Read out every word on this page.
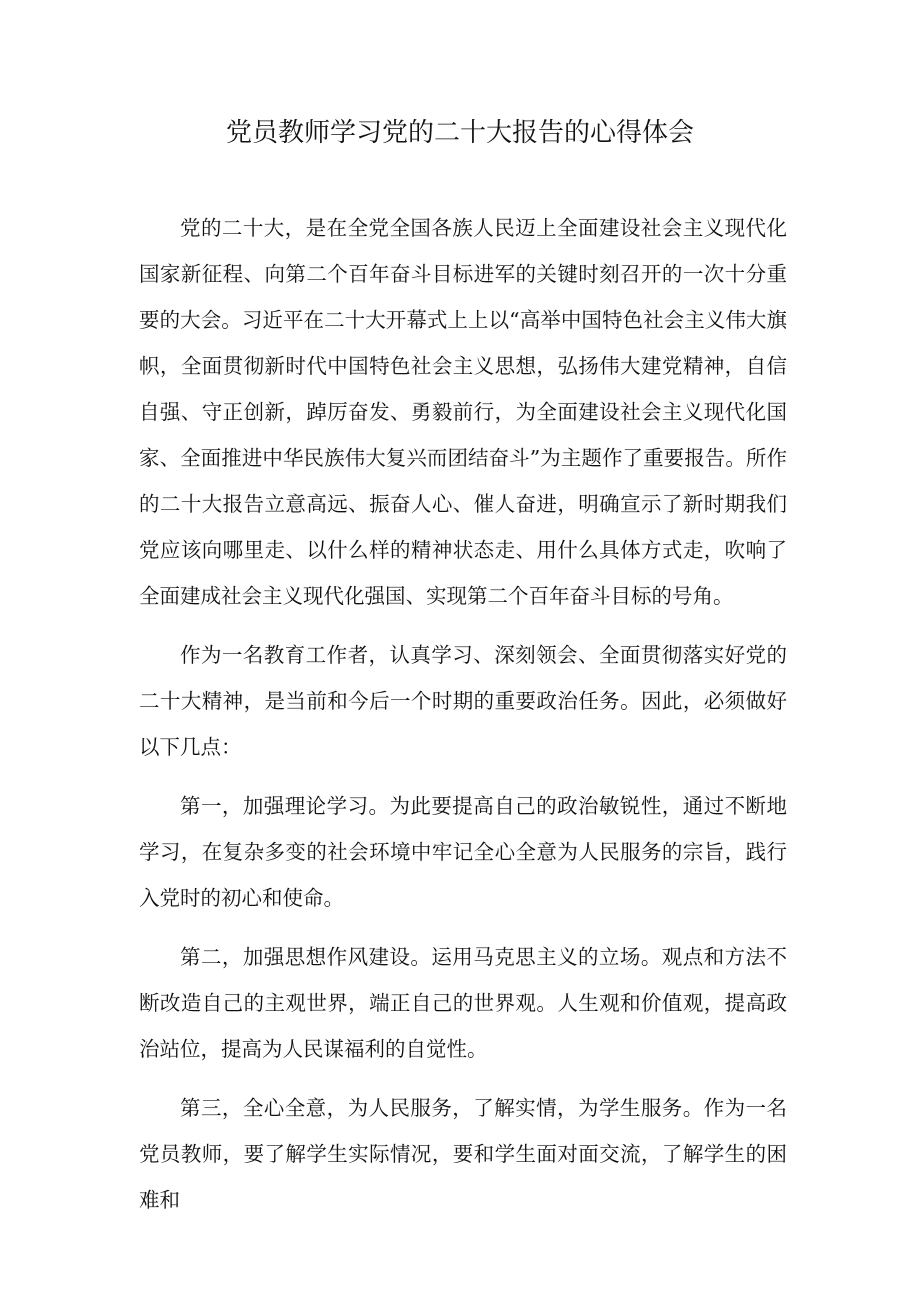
党员教师学习党的二十大报告的心得体会

党的二十大，是在全党全国各族人民迈上全面建设社会主义现代化国家新征程、向第二个百年奋斗目标进军的关键时刻召开的一次十分重要的大会。习近平在二十大开幕式上上以“高举中国特色社会主义伟大旗帜，全面贯彻新时代中国特色社会主义思想，弘扬伟大建党精神，自信自强、守正创新，踔厉奋发、勇毅前行，为全面建设社会主义现代化国家、全面推进中华民族伟大复兴而团结奋斗”为主题作了重要报告。所作的二十大报告立意高远、振奋人心、催人奋进，明确宣示了新时期我们党应该向哪里走、以什么样的精神状态走、用什么具体方式走，吹响了全面建成社会主义现代化强国、实现第二个百年奋斗目标的号角。

作为一名教育工作者，认真学习、深刻领会、全面贯彻落实好党的二十大精神，是当前和今后一个时期的重要政治任务。因此，必须做好以下几点：

第一，加强理论学习。为此要提高自己的政治敏锐性，通过不断地学习，在复杂多变的社会环境中牢记全心全意为人民服务的宗旨，践行入党时的初心和使命。

第二，加强思想作风建设。运用马克思主义的立场。观点和方法不断改造自己的主观世界，端正自己的世界观。人生观和价值观，提高政治站位，提高为人民谋福利的自觉性。

第三，全心全意，为人民服务，了解实情，为学生服务。作为一名党员教师，要了解学生实际情况，要和学生面对面交流，了解学生的困难和
